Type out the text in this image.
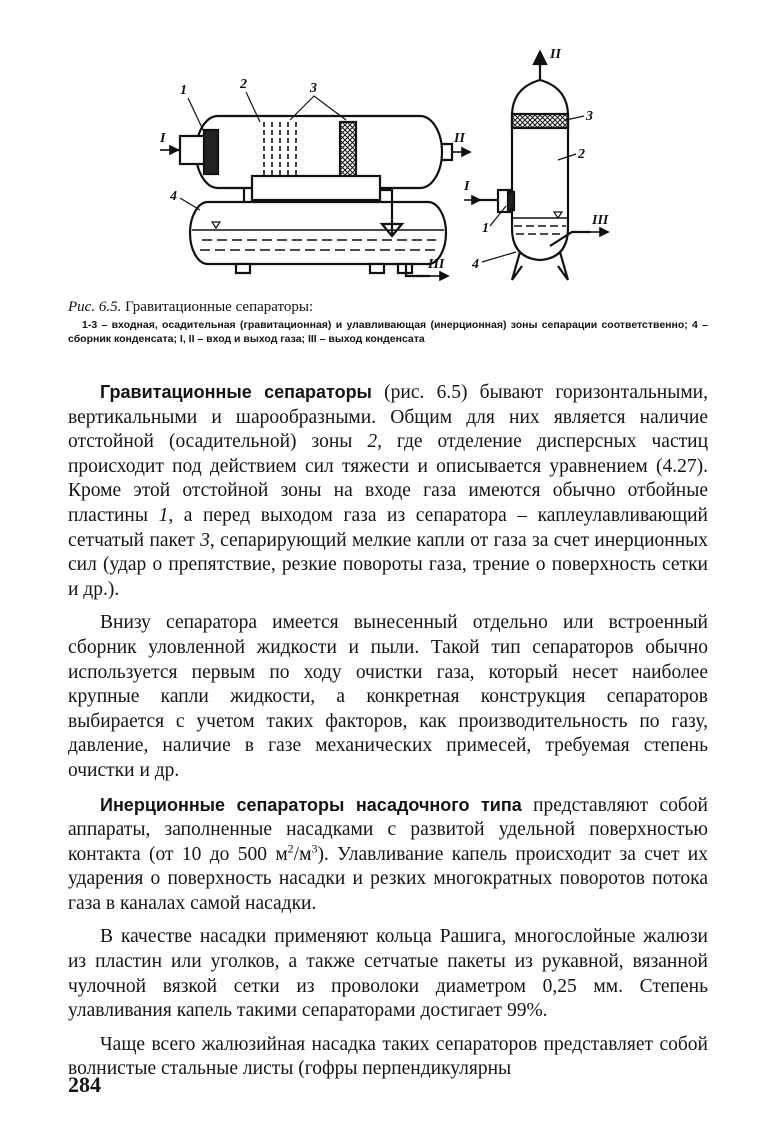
1	2	3
4
I	II
III
3
2
1
4
II
I
III
Рис. 6.5. Гравитационные сепараторы:
1-3 – входная, осадительная (гравитационная) и улавливающая (инерционная) зоны сепарации соответственно; 4 – сборник конденсата; I, II – вход и выход газа; III – выход конденсата

Гравитационные сепараторы (рис. 6.5) бывают горизонтальными, вертикальными и шарообразными. Общим для них является наличие отстойной (осадительной) зоны 2, где отделение дисперсных частиц происходит под действием сил тяжести и описывается уравнением (4.27). Кроме этой отстойной зоны на входе газа имеются обычно отбойные пластины 1, а перед выходом газа из сепаратора – каплеулавливающий сетчатый пакет 3, сепарирующий мелкие капли от газа за счет инерционных сил (удар о препятствие, резкие повороты газа, трение о поверхность сетки и др.).

Внизу сепаратора имеется вынесенный отдельно или встроенный сборник уловленной жидкости и пыли. Такой тип сепараторов обычно используется первым по ходу очистки газа, который несет наиболее крупные капли жидкости, а конкретная конструкция сепараторов выбирается с учетом таких факторов, как производительность по газу, давление, наличие в газе механических примесей, требуемая степень очистки и др.

Инерционные сепараторы насадочного типа представляют собой аппараты, заполненные насадками с развитой удельной поверхностью контакта (от 10 до 500 $м^2/м^3$). Улавливание капель происходит за счет их ударения о поверхность насадки и резких многократных поворотов потока газа в каналах самой насадки.

В качестве насадки применяют кольца Рашига, многослойные жалюзи из пластин или уголков, а также сетчатые пакеты из рукавной, вязанной чулочной вязкой сетки из проволоки диаметром 0,25 мм. Степень улавливания капель такими сепараторами достигает 99%.

Чаще всего жалюзийная насадка таких сепараторов представляет собой волнистые стальные листы (гофры перпендикулярны

284
